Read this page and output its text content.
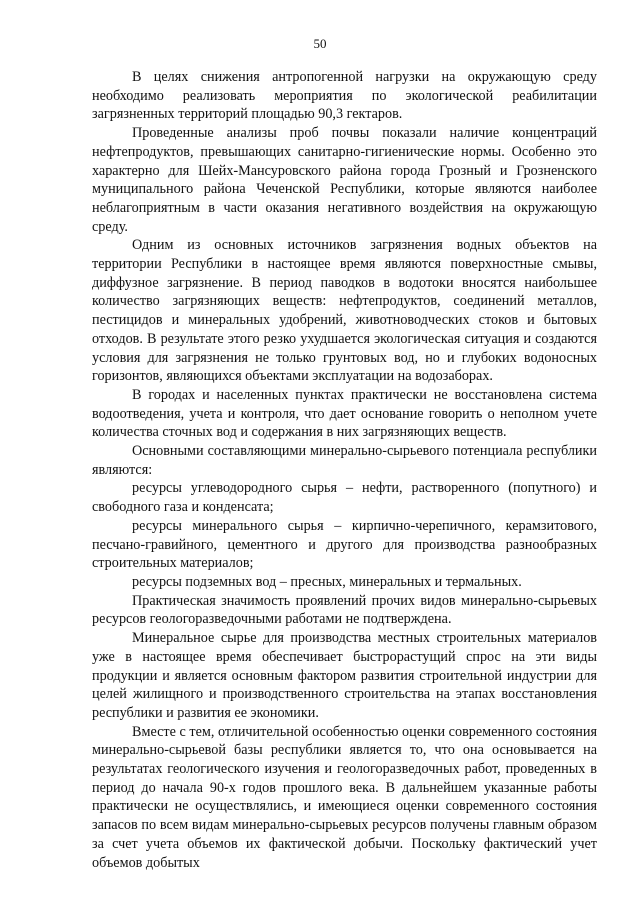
50

В целях снижения антропогенной нагрузки на окружающую среду необходимо реализовать мероприятия по экологической реабилитации загрязненных территорий площадью 90,3 гектаров.

Проведенные анализы проб почвы показали наличие концентраций нефтепродуктов, превышающих санитарно-гигиенические нормы. Особенно это характерно для Шейх-Мансуровского района города Грозный и Грозненского муниципального района Чеченской Республики, которые являются наиболее неблагоприятным в части оказания негативного воздействия на окружающую среду.

Одним из основных источников загрязнения водных объектов на территории Республики в настоящее время являются поверхностные смывы, диффузное загрязнение. В период паводков в водотоки вносятся наибольшее количество загрязняющих веществ: нефтепродуктов, соединений металлов, пестицидов и минеральных удобрений, животноводческих стоков и бытовых отходов. В результате этого резко ухудшается экологическая ситуация и создаются условия для загрязнения не только грунтовых вод, но и глубоких водоносных горизонтов, являющихся объектами эксплуатации на водозаборах.

В городах и населенных пунктах практически не восстановлена система водоотведения, учета и контроля, что дает основание говорить о неполном учете количества сточных вод и содержания в них загрязняющих веществ.

Основными составляющими минерально-сырьевого потенциала республики являются:

ресурсы углеводородного сырья – нефти, растворенного (попутного) и свободного газа и конденсата;

ресурсы минерального сырья – кирпично-черепичного, керамзитового, песчано-гравийного, цементного и другого для производства разнообразных строительных материалов;

ресурсы подземных вод – пресных, минеральных и термальных.

Практическая значимость проявлений прочих видов минерально-сырьевых ресурсов геологоразведочными работами не подтверждена.

Минеральное сырье для производства местных строительных материалов уже в настоящее время обеспечивает быстрорастущий спрос на эти виды продукции и является основным фактором развития строительной индустрии для целей жилищного и производственного строительства на этапах восстановления республики и развития ее экономики.

Вместе с тем, отличительной особенностью оценки современного состояния минерально-сырьевой базы республики является то, что она основывается на результатах геологического изучения и геологоразведочных работ, проведенных в период до начала 90-х годов прошлого века. В дальнейшем указанные работы практически не осуществлялись, и имеющиеся оценки современного состояния запасов по всем видам минерально-сырьевых ресурсов получены главным образом за счет учета объемов их фактической добычи. Поскольку фактический учет объемов добытых
